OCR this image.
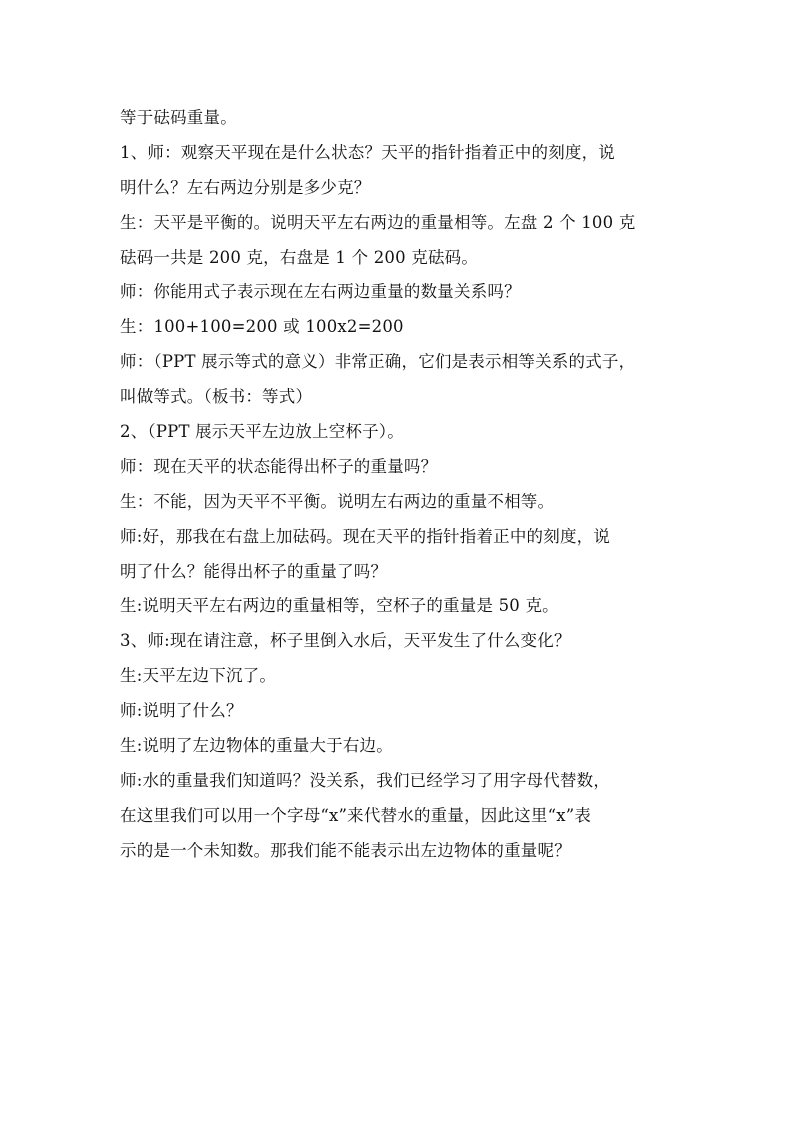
等于砝码重量。
1、师：观察天平现在是什么状态？天平的指针指着正中的刻度，说
明什么？左右两边分别是多少克？
生：天平是平衡的。说明天平左右两边的重量相等。左盘 2 个 100 克
砝码一共是 200 克，右盘是 1 个 200 克砝码。
师：你能用式子表示现在左右两边重量的数量关系吗？
生：100+100=200 或 100x2=200
师：（PPT 展示等式的意义）非常正确，它们是表示相等关系的式子，
叫做等式。（板书：等式）
2、（PPT 展示天平左边放上空杯子）。
师：现在天平的状态能得出杯子的重量吗？
生：不能，因为天平不平衡。说明左右两边的重量不相等。
师:好，那我在右盘上加砝码。现在天平的指针指着正中的刻度，说
明了什么？能得出杯子的重量了吗？
生:说明天平左右两边的重量相等，空杯子的重量是 50 克。
3、师:现在请注意，杯子里倒入水后，天平发生了什么变化？
生:天平左边下沉了。
师:说明了什么？
生:说明了左边物体的重量大于右边。
师:水的重量我们知道吗？没关系，我们已经学习了用字母代替数，
在这里我们可以用一个字母“x”来代替水的重量，因此这里“x”表
示的是一个未知数。那我们能不能表示出左边物体的重量呢？
